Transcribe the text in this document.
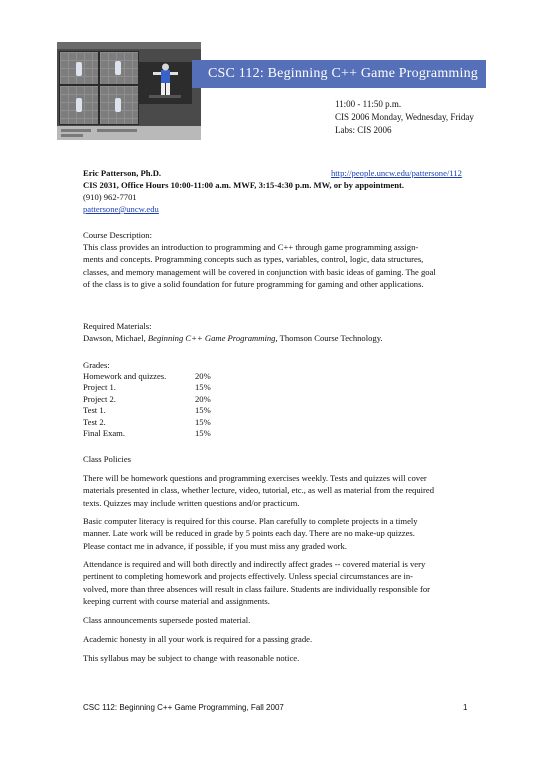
CSC 112: Beginning C++ Game Programming
11:00 - 11:50 p.m.
CIS 2006 Monday, Wednesday, Friday
Labs: CIS 2006
Eric Patterson, Ph.D.	http://people.uncw.edu/pattersone/112
CIS 2031, Office Hours 10:00-11:00 a.m. MWF, 3:15-4:30 p.m. MW, or by appointment.
(910) 962-7701
pattersone@uncw.edu
Course Description:

This class provides an introduction to programming and C++ through game programming assign-

ments and concepts. Programming concepts such as types, variables, control, logic, data structures,

classes, and memory management will be covered in conjunction with basic ideas of gaming. The goal

of the class is to give a solid foundation for future programming for gaming and other applications.

Required Materials:
Dawson, Michael, Beginning C++ Game Programming, Thomson Course Technology.
Grades:
Homework and quizzes.	20%
Project 1.	15%
Project 2.	20%
Test 1.	15%
Test 2.	15%
Final Exam.	15%
Class Policies

There will be homework questions and programming exercises weekly. Tests and quizzes will cover

materials presented in class, whether lecture, video, tutorial, etc., as well as material from the required

texts. Quizzes may include written questions and/or practicum.

Basic computer literacy is required for this course. Plan carefully to complete projects in a timely

manner. Late work will be reduced in grade by 5 points each day. There are no make-up quizzes.

Please contact me in advance, if possible, if you must miss any graded work.

Attendance is required and will both directly and indirectly affect grades -- covered material is very

pertinent to completing homework and projects effectively. Unless special circumstances are in-

volved, more than three absences will result in class failure. Students are individually responsible for

keeping current with course material and assignments.

Class announcements supersede posted material.
Academic honesty in all your work is required for a passing grade.
This syllabus may be subject to change with reasonable notice.
CSC 112: Beginning C++ Game Programming, Fall 2007	1
